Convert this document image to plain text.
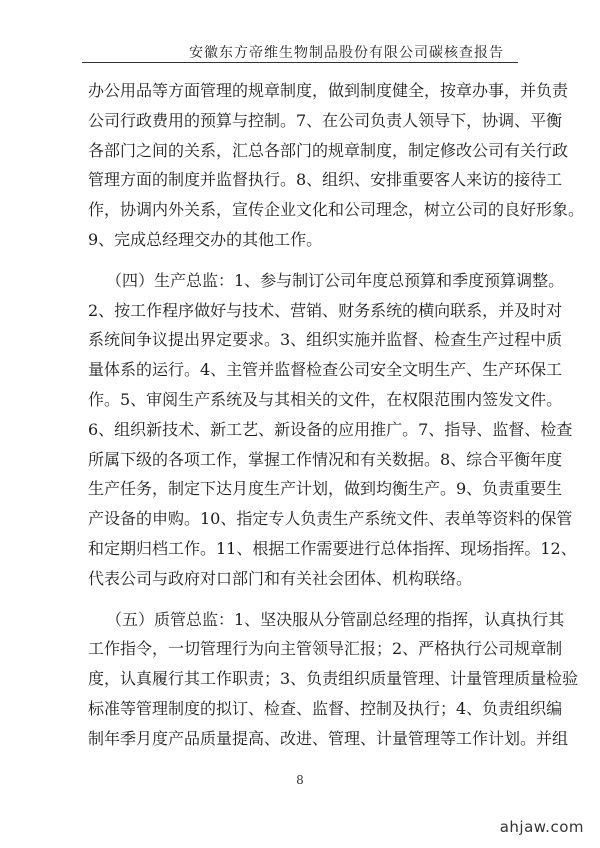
安徽东方帝维生物制品股份有限公司碳核查报告
办公用品等方面管理的规章制度，做到制度健全，按章办事，并负责
公司行政费用的预算与控制。7、在公司负责人领导下，协调、平衡
各部门之间的关系，汇总各部门的规章制度，制定修改公司有关行政
管理方面的制度并监督执行。8、组织、安排重要客人来访的接待工
作，协调内外关系，宣传企业文化和公司理念，树立公司的良好形象。
9、完成总经理交办的其他工作。
（四）生产总监：1、参与制订公司年度总预算和季度预算调整。
2、按工作程序做好与技术、营销、财务系统的横向联系，并及时对
系统间争议提出界定要求。3、组织实施并监督、检查生产过程中质
量体系的运行。4、主管并监督检查公司安全文明生产、生产环保工
作。5、审阅生产系统及与其相关的文件，在权限范围内签发文件。
6、组织新技术、新工艺、新设备的应用推广。7、指导、监督、检查
所属下级的各项工作，掌握工作情况和有关数据。8、综合平衡年度
生产任务，制定下达月度生产计划，做到均衡生产。9、负责重要生
产设备的申购。10、指定专人负责生产系统文件、表单等资料的保管
和定期归档工作。11、根据工作需要进行总体指挥、现场指挥。12、
代表公司与政府对口部门和有关社会团体、机构联络。
（五）质管总监：1、坚决服从分管副总经理的指挥，认真执行其
工作指令，一切管理行为向主管领导汇报；2、严格执行公司规章制
度，认真履行其工作职责；3、负责组织质量管理、计量管理质量检验
标准等管理制度的拟订、检查、监督、控制及执行；4、负责组织编
制年季月度产品质量提高、改进、管理、计量管理等工作计划。并组
8
ahjaw.com
